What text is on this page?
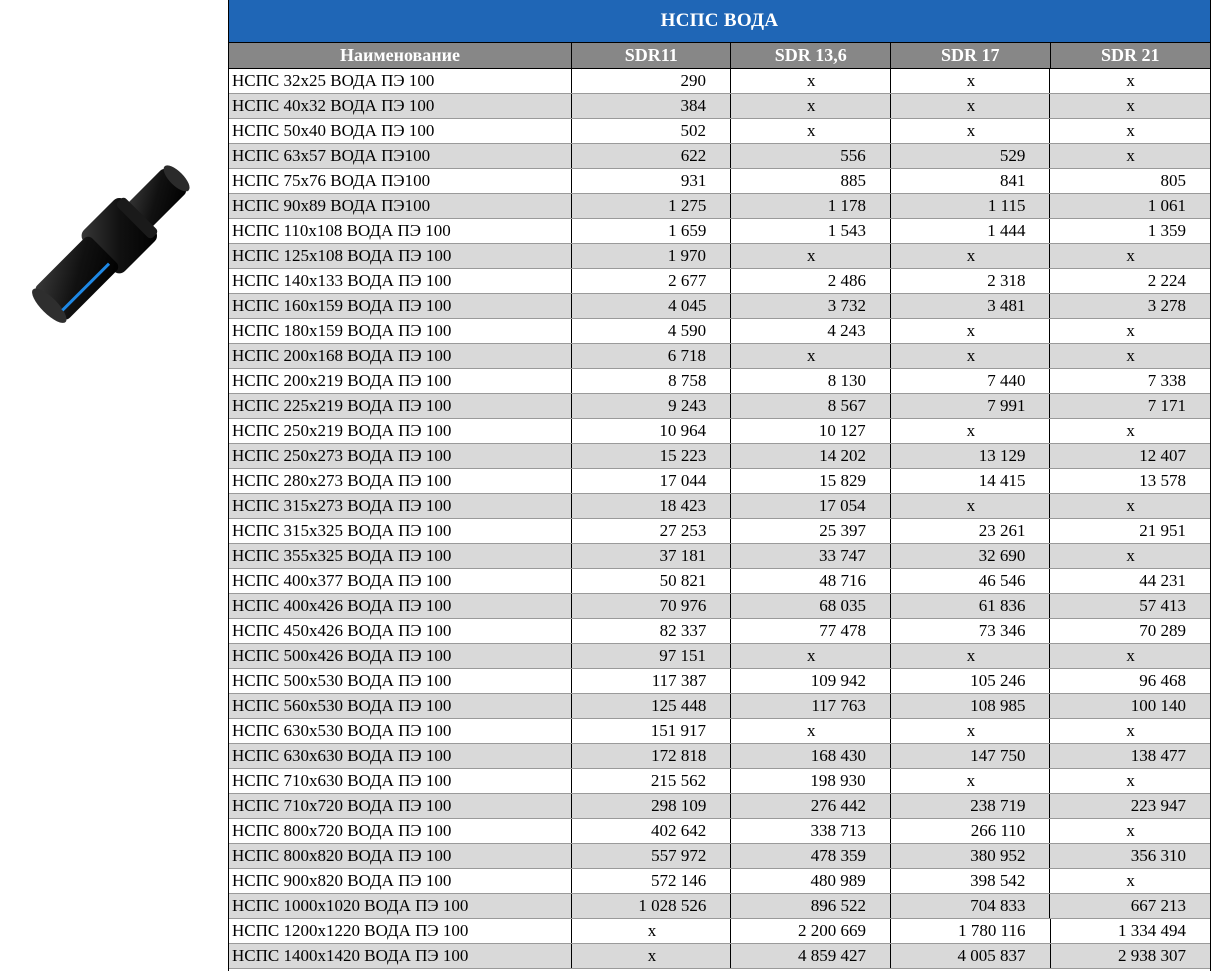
НСПС ВОДА
Наименование	SDR11	SDR 13,6	SDR 17	SDR 21
НСПС 32х25 ВОДА ПЭ 100	290	х	х	х
НСПС 40х32 ВОДА ПЭ 100	384	х	х	х
НСПС 50х40 ВОДА ПЭ 100	502	х	х	х
НСПС 63х57 ВОДА ПЭ100	622	556	529	х
НСПС 75х76 ВОДА ПЭ100	931	885	841	805
НСПС 90х89 ВОДА ПЭ100	1 275	1 178	1 115	1 061
НСПС 110х108 ВОДА ПЭ 100	1 659	1 543	1 444	1 359
НСПС 125х108 ВОДА ПЭ 100	1 970	х	х	х
НСПС 140х133 ВОДА ПЭ 100	2 677	2 486	2 318	2 224
НСПС 160х159 ВОДА ПЭ 100	4 045	3 732	3 481	3 278
НСПС 180х159 ВОДА ПЭ 100	4 590	4 243	х	х
НСПС 200х168 ВОДА ПЭ 100	6 718	х	х	х
НСПС 200х219 ВОДА ПЭ 100	8 758	8 130	7 440	7 338
НСПС 225х219 ВОДА ПЭ 100	9 243	8 567	7 991	7 171
НСПС 250х219 ВОДА ПЭ 100	10 964	10 127	х	х
НСПС 250х273 ВОДА ПЭ 100	15 223	14 202	13 129	12 407
НСПС 280х273 ВОДА ПЭ 100	17 044	15 829	14 415	13 578
НСПС 315х273 ВОДА ПЭ 100	18 423	17 054	х	х
НСПС 315х325 ВОДА ПЭ 100	27 253	25 397	23 261	21 951
НСПС 355х325 ВОДА ПЭ 100	37 181	33 747	32 690	х
НСПС 400х377 ВОДА ПЭ 100	50 821	48 716	46 546	44 231
НСПС 400х426 ВОДА ПЭ 100	70 976	68 035	61 836	57 413
НСПС 450х426 ВОДА ПЭ 100	82 337	77 478	73 346	70 289
НСПС 500х426 ВОДА ПЭ 100	97 151	х	х	х
НСПС 500х530 ВОДА ПЭ 100	117 387	109 942	105 246	96 468
НСПС 560х530 ВОДА ПЭ 100	125 448	117 763	108 985	100 140
НСПС 630х530 ВОДА ПЭ 100	151 917	х	х	х
НСПС 630х630 ВОДА ПЭ 100	172 818	168 430	147 750	138 477
НСПС 710х630 ВОДА ПЭ 100	215 562	198 930	х	х
НСПС 710х720 ВОДА ПЭ 100	298 109	276 442	238 719	223 947
НСПС 800х720 ВОДА ПЭ 100	402 642	338 713	266 110	х
НСПС 800х820 ВОДА ПЭ 100	557 972	478 359	380 952	356 310
НСПС 900х820 ВОДА ПЭ 100	572 146	480 989	398 542	х
НСПС 1000х1020 ВОДА ПЭ 100	1 028 526	896 522	704 833	667 213
НСПС 1200х1220 ВОДА ПЭ 100	х	2 200 669	1 780 116	1 334 494
НСПС 1400х1420 ВОДА ПЭ 100	х	4 859 427	4 005 837	2 938 307
